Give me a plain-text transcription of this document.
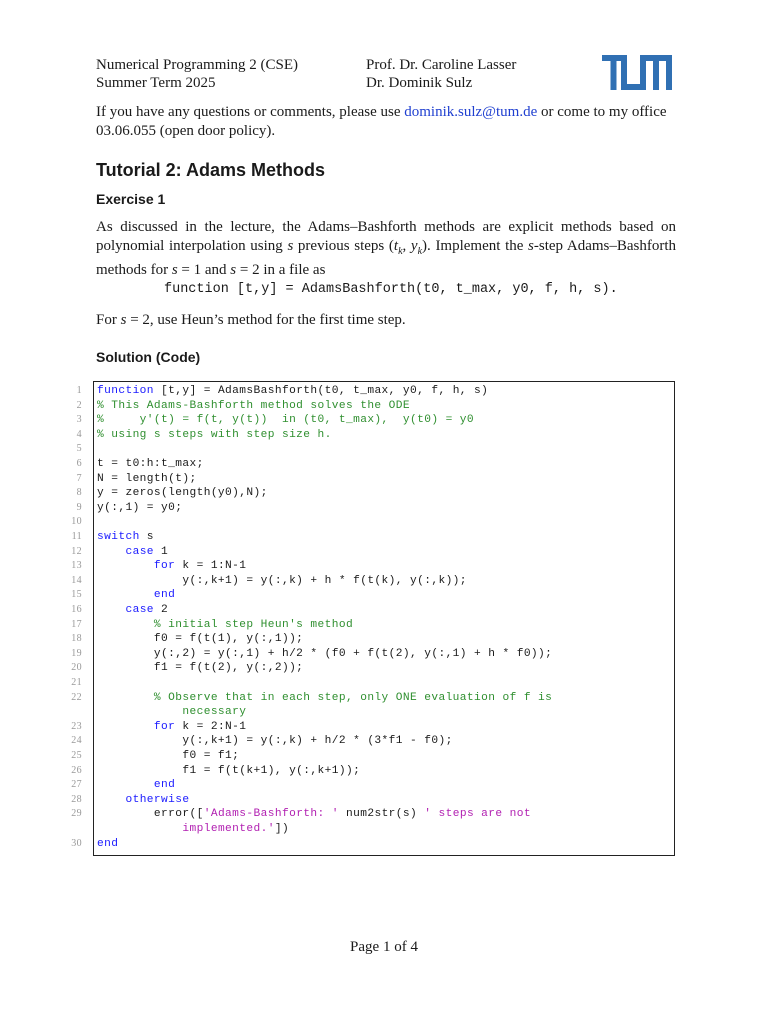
Numerical Programming 2 (CSE)
Summer Term 2025
Prof. Dr. Caroline Lasser
Dr. Dominik Sulz
If you have any questions or comments, please use dominik.sulz@tum.de or come to my office 03.06.055 (open door policy).
Tutorial 2: Adams Methods
Exercise 1
As discussed in the lecture, the Adams–Bashforth methods are explicit methods based on polynomial interpolation using s previous steps ($t_k$, $y_k$). Implement the s-step Adams–Bashforth methods for s = 1 and s = 2 in a file as
function [t,y] = AdamsBashforth(t0, t_max, y0, f, h, s).
For s = 2, use Heun’s method for the first time step.
Solution (Code)
1 function [t,y] = AdamsBashforth(t0, t_max, y0, f, h, s)
2 % This Adams-Bashforth method solves the ODE
3 %     y'(t) = f(t, y(t))  in (t0, t_max),  y(t0) = y0
4 % using s steps with step size h.
5
6 t = t0:h:t_max;
7 N = length(t);
8 y = zeros(length(y0),N);
9 y(:,1) = y0;
10
11 switch s
12	case 1
13	for k = 1:N-1
14 y(:,k+1) = y(:,k) + h * f(t(k), y(:,k));
15	end
16	case 2
17 % initial step Heun's method
18 f0 = f(t(1), y(:,1));
19 y(:,2) = y(:,1) + h/2 * (f0 + f(t(2), y(:,1) + h * f0));
20 f1 = f(t(2), y(:,2));
21
22 % Observe that in each step, only ONE evaluation of f is
necessary
23	for k = 2:N-1
24 y(:,k+1) = y(:,k) + h/2 * (3*f1 - f0);
25 f0 = f1;
26 f1 = f(t(k+1), y(:,k+1));
27	end
28	otherwise
29 error(['Adams-Bashforth: ' num2str(s) ' steps are not
implemented.'])
30 end
Page 1 of 4
